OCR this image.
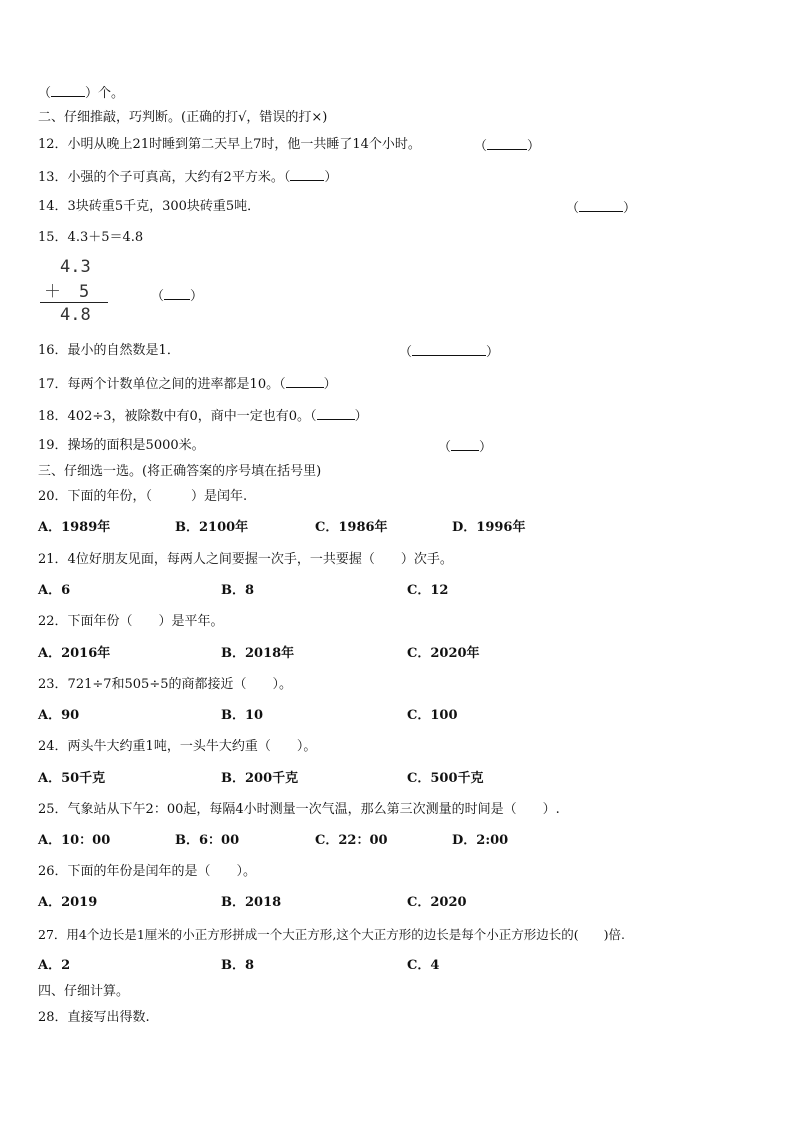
（	）个。
二、仔细推敲，巧判断。(正确的打√，错误的打×)
12．小明从晚上21时睡到第二天早上7时，他一共睡了14个小时。	（	）
13．小强的个子可真高，大约有2平方米。（	）
14．3块砖重5千克，300块砖重5吨．	（	）
15．4.3＋5＝4.8
4.3
＋ 5
4.8
（ ）
16．最小的自然数是1．	（	）
17．每两个计数单位之间的进率都是10。（	）
18．402÷3，被除数中有0，商中一定也有0。（	）
19．操场的面积是5000米。	（ ）
三、仔细选一选。(将正确答案的序号填在括号里)
20．下面的年份，（　　　）是闰年.
A．1989年	B．2100年	C．1986年	D．1996年
21．4位好朋友见面，每两人之间要握一次手，一共要握（　　）次手。
A．6	B．8	C．12
22．下面年份（　　）是平年。
A．2016年	B．2018年	C．2020年
23．721÷7和505÷5的商都接近（　　）。
A．90	B．10	C．100
24．两头牛大约重1吨，一头牛大约重（　　）。
A．50千克	B．200千克	C．500千克
25．气象站从下午2：00起，每隔4小时测量一次气温，那么第三次测量的时间是（　　）.
A．10：00	B．6：00	C．22：00	D．2:00
26．下面的年份是闰年的是（　　）。
A．2019	B．2018	C．2020
27．用4个边长是1厘米的小正方形拼成一个大正方形,这个大正方形的边长是每个小正方形边长的(　　)倍.
A．2	B．8	C．4
四、仔细计算。
28．直接写出得数.
